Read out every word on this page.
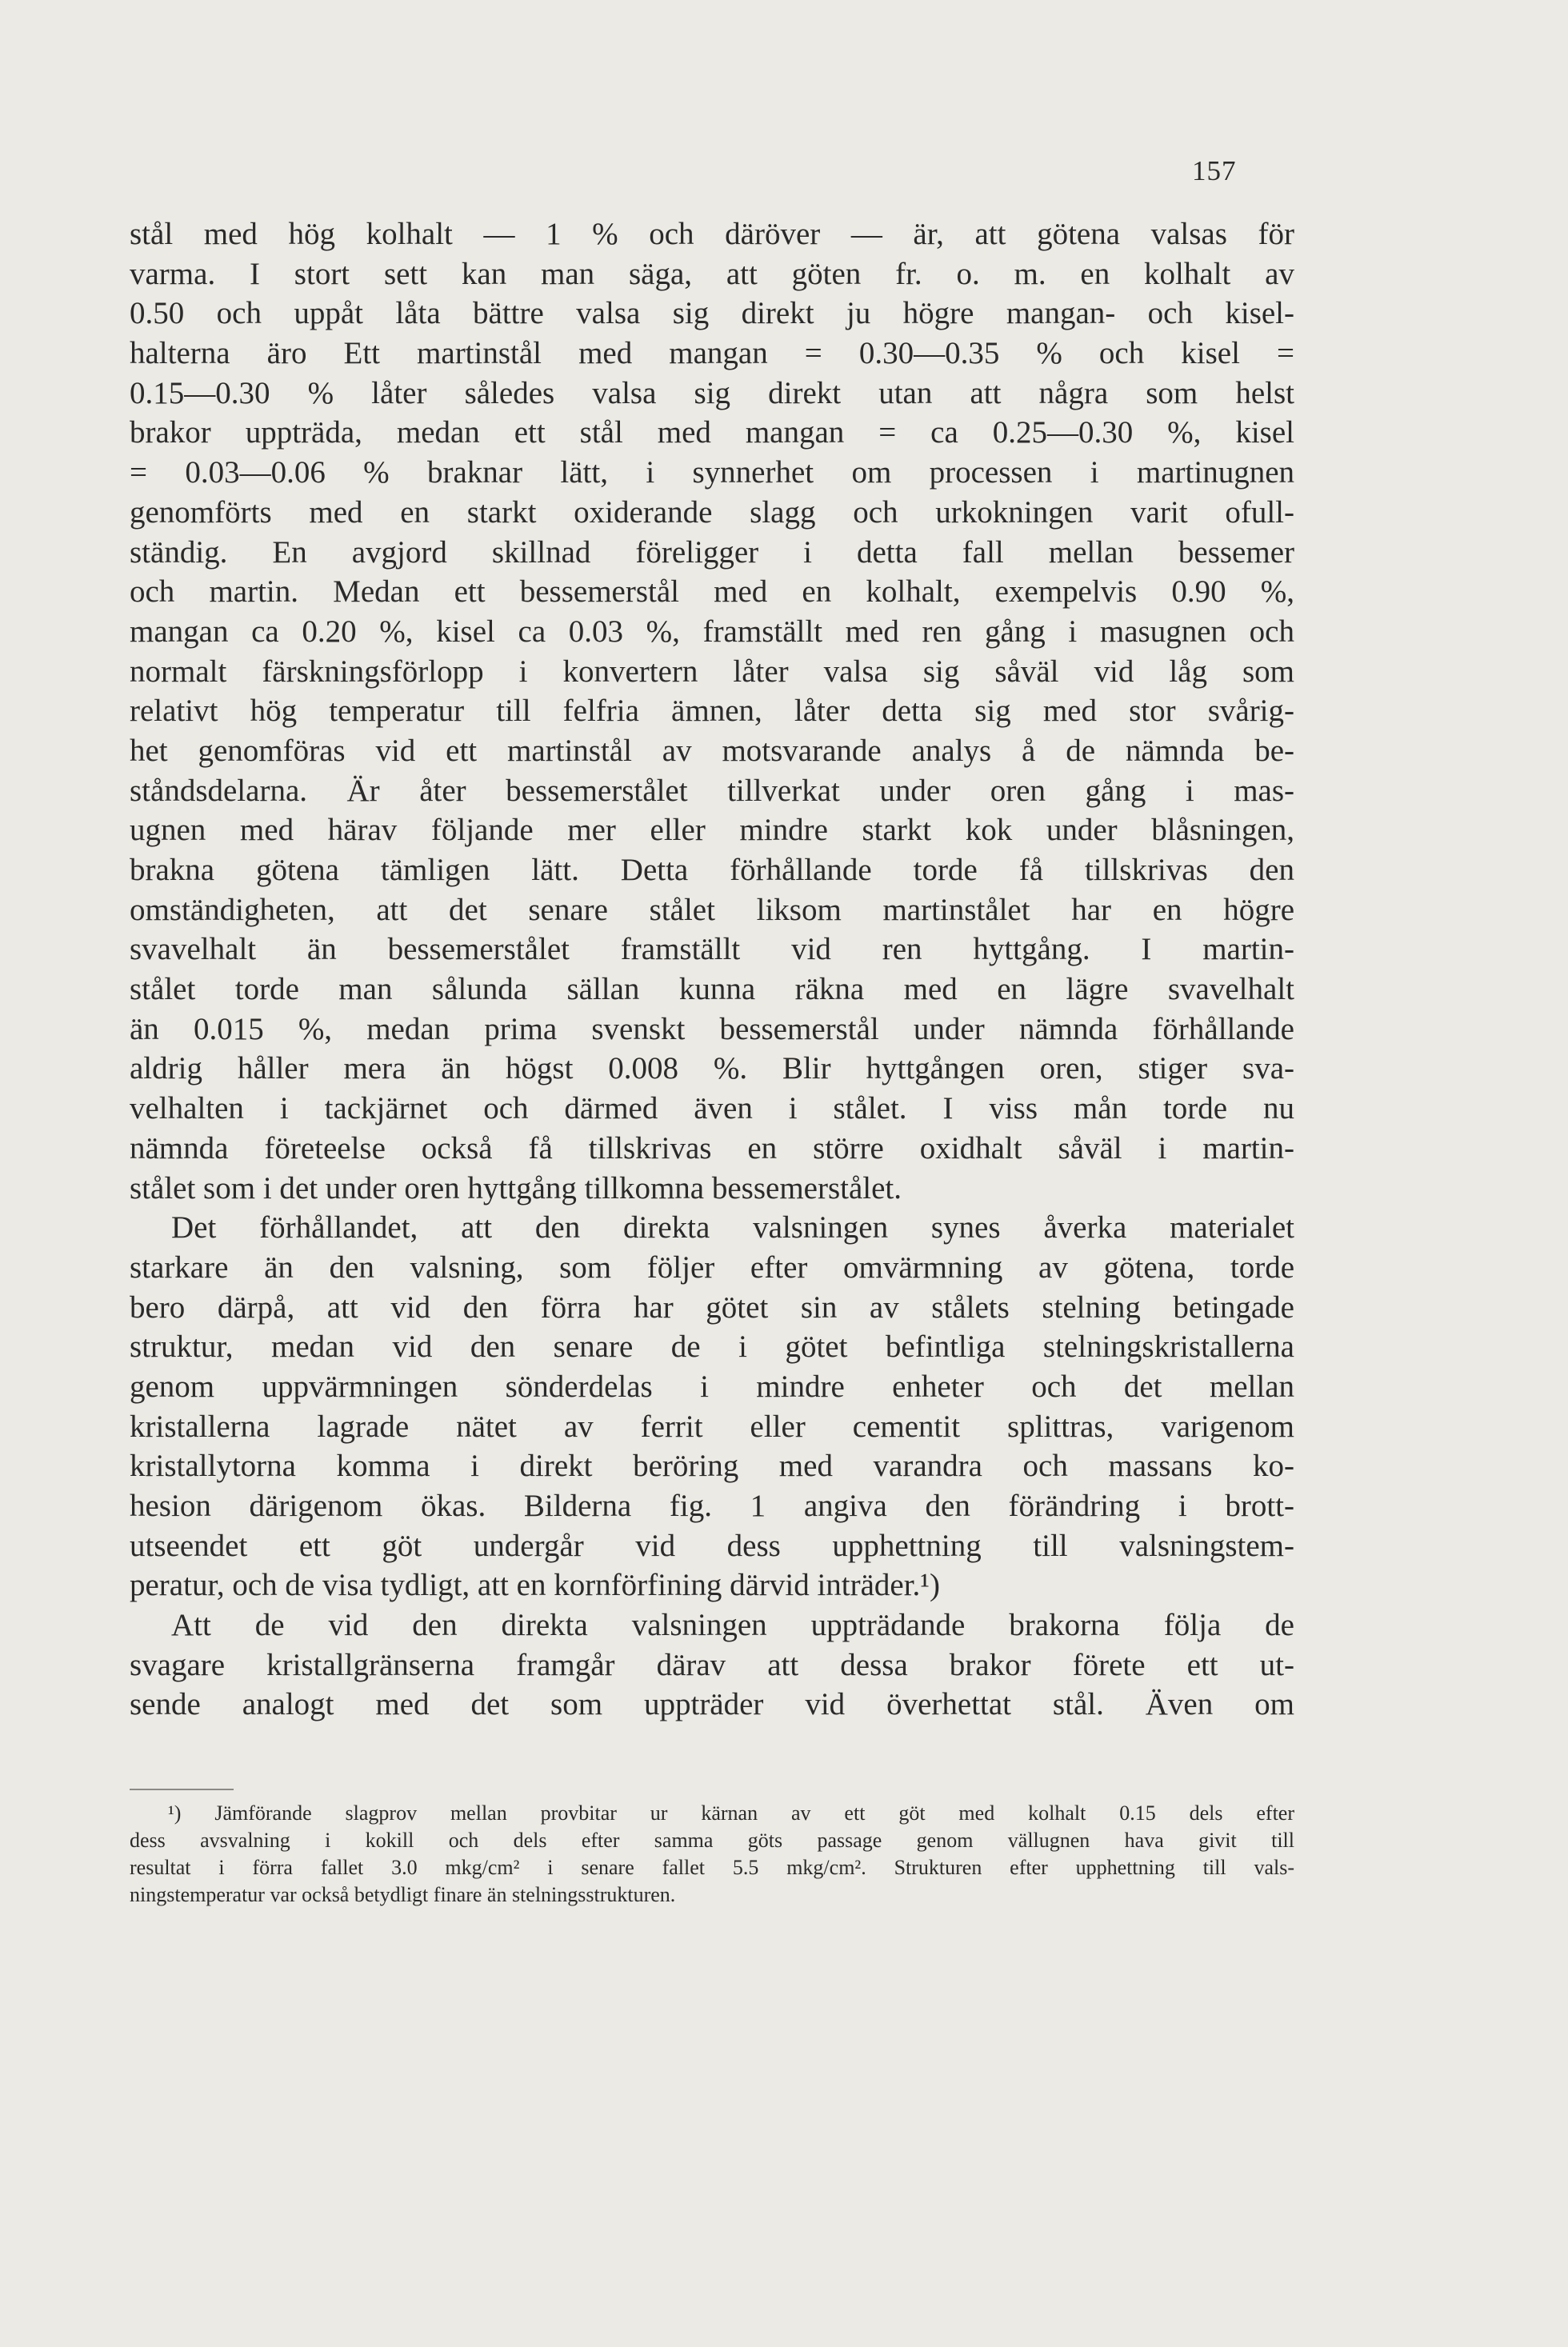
157
stål med hög kolhalt — 1 % och däröver — är, att götena valsas för
varma. I stort sett kan man säga, att göten fr. o. m. en kolhalt av
0.50 och uppåt låta bättre valsa sig direkt ju högre mangan- och kisel-
halterna äro Ett martinstål med mangan = 0.30—0.35 % och kisel =
0.15—0.30 % låter således valsa sig direkt utan att några som helst
brakor uppträda, medan ett stål med mangan = ca 0.25—0.30 %, kisel
= 0.03—0.06 % braknar lätt, i synnerhet om processen i martinugnen
genomförts med en starkt oxiderande slagg och urkokningen varit ofull-
ständig. En avgjord skillnad föreligger i detta fall mellan bessemer
och martin. Medan ett bessemerstål med en kolhalt, exempelvis 0.90 %,
mangan ca 0.20 %, kisel ca 0.03 %, framställt med ren gång i masugnen och
normalt färskningsförlopp i konvertern låter valsa sig såväl vid låg som
relativt hög temperatur till felfria ämnen, låter detta sig med stor svårig-
het genomföras vid ett martinstål av motsvarande analys å de nämnda be-
ståndsdelarna. Är åter bessemerstålet tillverkat under oren gång i mas-
ugnen med härav följande mer eller mindre starkt kok under blåsningen,
brakna götena tämligen lätt. Detta förhållande torde få tillskrivas den
omständigheten, att det senare stålet liksom martinstålet har en högre
svavelhalt än bessemerstålet framställt vid ren hyttgång. I martin-
stålet torde man sålunda sällan kunna räkna med en lägre svavelhalt
än 0.015 %, medan prima svenskt bessemerstål under nämnda förhållande
aldrig håller mera än högst 0.008 %. Blir hyttgången oren, stiger sva-
velhalten i tackjärnet och därmed även i stålet. I viss mån torde nu
nämnda företeelse också få tillskrivas en större oxidhalt såväl i martin-
stålet som i det under oren hyttgång tillkomna bessemerstålet.
Det förhållandet, att den direkta valsningen synes åverka materialet
starkare än den valsning, som följer efter omvärmning av götena, torde
bero därpå, att vid den förra har götet sin av stålets stelning betingade
struktur, medan vid den senare de i götet befintliga stelningskristallerna
genom uppvärmningen sönderdelas i mindre enheter och det mellan
kristallerna lagrade nätet av ferrit eller cementit splittras, varigenom
kristallytorna komma i direkt beröring med varandra och massans ko-
hesion därigenom ökas. Bilderna fig. 1 angiva den förändring i brott-
utseendet ett göt undergår vid dess upphettning till valsningstem-
peratur, och de visa tydligt, att en kornförfining därvid inträder.¹)
Att de vid den direkta valsningen uppträdande brakorna följa de
svagare kristallgränserna framgår därav att dessa brakor förete ett ut-
sende analogt med det som uppträder vid överhettat stål. Även om
¹) Jämförande slagprov mellan provbitar ur kärnan av ett göt med kolhalt 0.15 dels efter
dess avsvalning i kokill och dels efter samma göts passage genom vällugnen hava givit till
resultat i förra fallet 3.0 mkg/cm² i senare fallet 5.5 mkg/cm². Strukturen efter upphettning till vals-
ningstemperatur var också betydligt finare än stelningsstrukturen.
